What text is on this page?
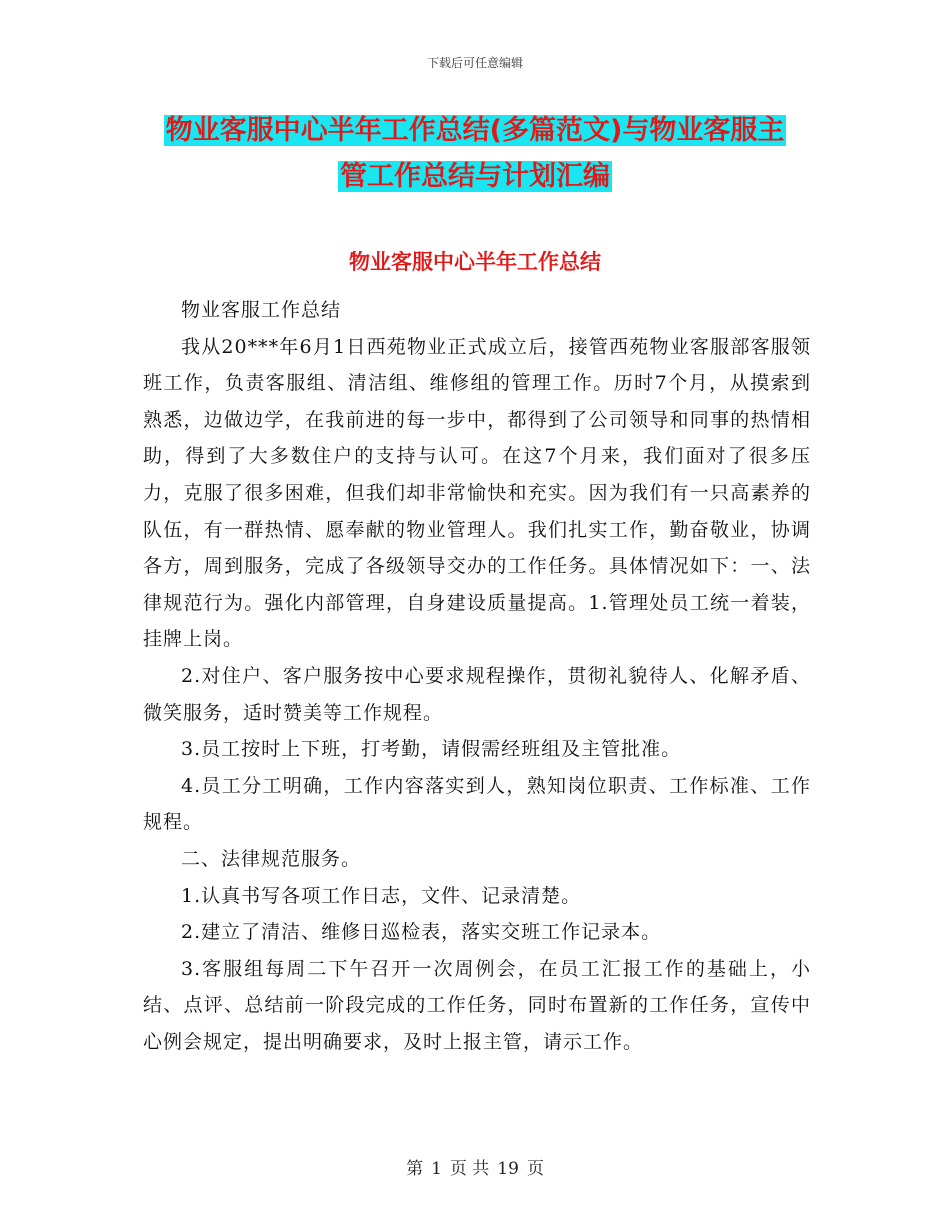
下载后可任意编辑
物业客服中心半年工作总结(多篇范文)与物业客服主
管工作总结与计划汇编
物业客服中心半年工作总结

物业客服工作总结

我从20***年6月1日西苑物业正式成立后，接管西苑物业客服部客服领班工作，负责客服组、清洁组、维修组的管理工作。历时7个月，从摸索到熟悉，边做边学，在我前进的每一步中，都得到了公司领导和同事的热情相助，得到了大多数住户的支持与认可。在这7个月来，我们面对了很多压力，克服了很多困难，但我们却非常愉快和充实。因为我们有一只高素养的队伍，有一群热情、愿奉献的物业管理人。我们扎实工作，勤奋敬业，协调各方，周到服务，完成了各级领导交办的工作任务。具体情况如下：一、法律规范行为。强化内部管理，自身建设质量提高。1.管理处员工统一着装，挂牌上岗。

2.对住户、客户服务按中心要求规程操作，贯彻礼貌待人、化解矛盾、微笑服务，适时赞美等工作规程。

3.员工按时上下班，打考勤，请假需经班组及主管批准。

4.员工分工明确，工作内容落实到人，熟知岗位职责、工作标准、工作规程。

二、法律规范服务。

1.认真书写各项工作日志，文件、记录清楚。

2.建立了清洁、维修日巡检表，落实交班工作记录本。

3.客服组每周二下午召开一次周例会，在员工汇报工作的基础上，小结、点评、总结前一阶段完成的工作任务，同时布置新的工作任务，宣传中心例会规定，提出明确要求，及时上报主管，请示工作。

第 1 页 共 19 页
